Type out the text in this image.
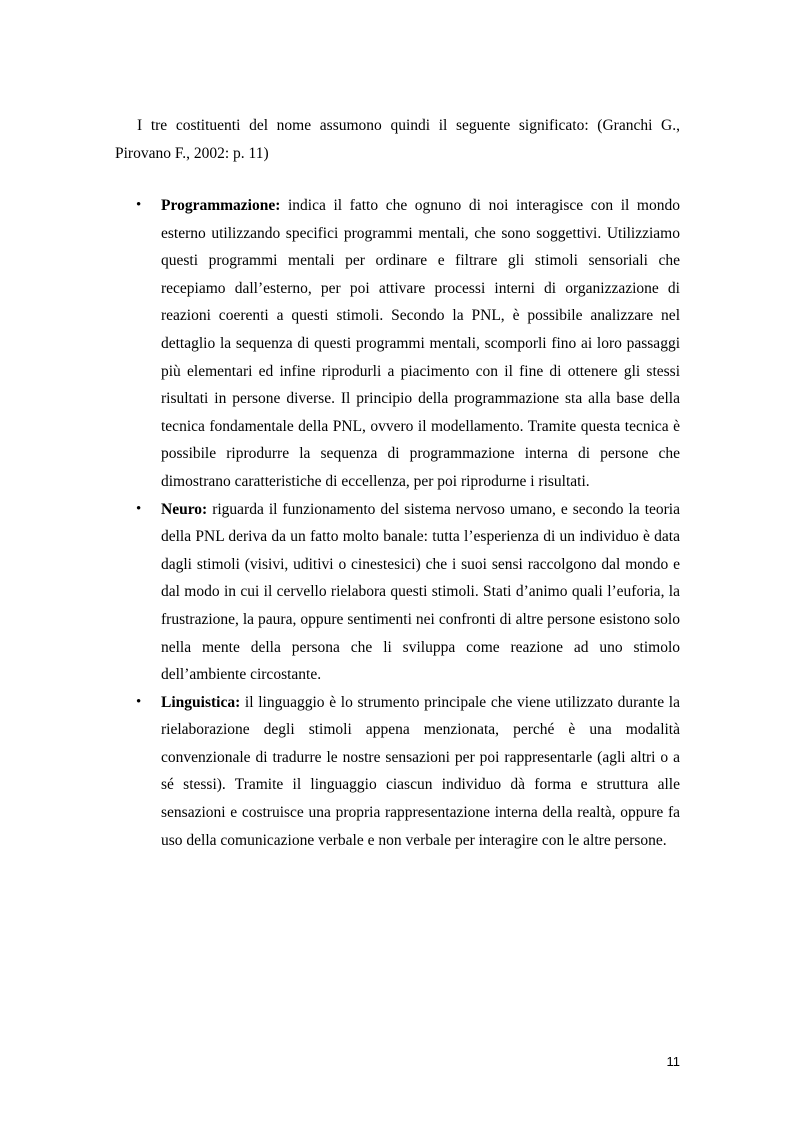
I tre costituenti del nome assumono quindi il seguente significato: (Granchi G., Pirovano F., 2002: p. 11)

• Programmazione: indica il fatto che ognuno di noi interagisce con il mondo esterno utilizzando specifici programmi mentali, che sono soggettivi. Utilizziamo questi programmi mentali per ordinare e filtrare gli stimoli sensoriali che recepiamo dall’esterno, per poi attivare processi interni di organizzazione di reazioni coerenti a questi stimoli. Secondo la PNL, è possibile analizzare nel dettaglio la sequenza di questi programmi mentali, scomporli fino ai loro passaggi più elementari ed infine riprodurli a piacimento con il fine di ottenere gli stessi risultati in persone diverse. Il principio della programmazione sta alla base della tecnica fondamentale della PNL, ovvero il modellamento. Tramite questa tecnica è possibile riprodurre la sequenza di programmazione interna di persone che dimostrano caratteristiche di eccellenza, per poi riprodurne i risultati.
• Neuro: riguarda il funzionamento del sistema nervoso umano, e secondo la teoria della PNL deriva da un fatto molto banale: tutta l’esperienza di un individuo è data dagli stimoli (visivi, uditivi o cinestesici) che i suoi sensi raccolgono dal mondo e dal modo in cui il cervello rielabora questi stimoli. Stati d’animo quali l’euforia, la frustrazione, la paura, oppure sentimenti nei confronti di altre persone esistono solo nella mente della persona che li sviluppa come reazione ad uno stimolo dell’ambiente circostante.
• Linguistica: il linguaggio è lo strumento principale che viene utilizzato durante la rielaborazione degli stimoli appena menzionata, perché è una modalità convenzionale di tradurre le nostre sensazioni per poi rappresentarle (agli altri o a sé stessi). Tramite il linguaggio ciascun individuo dà forma e struttura alle sensazioni e costruisce una propria rappresentazione interna della realtà, oppure fa uso della comunicazione verbale e non verbale per interagire con le altre persone.
11
